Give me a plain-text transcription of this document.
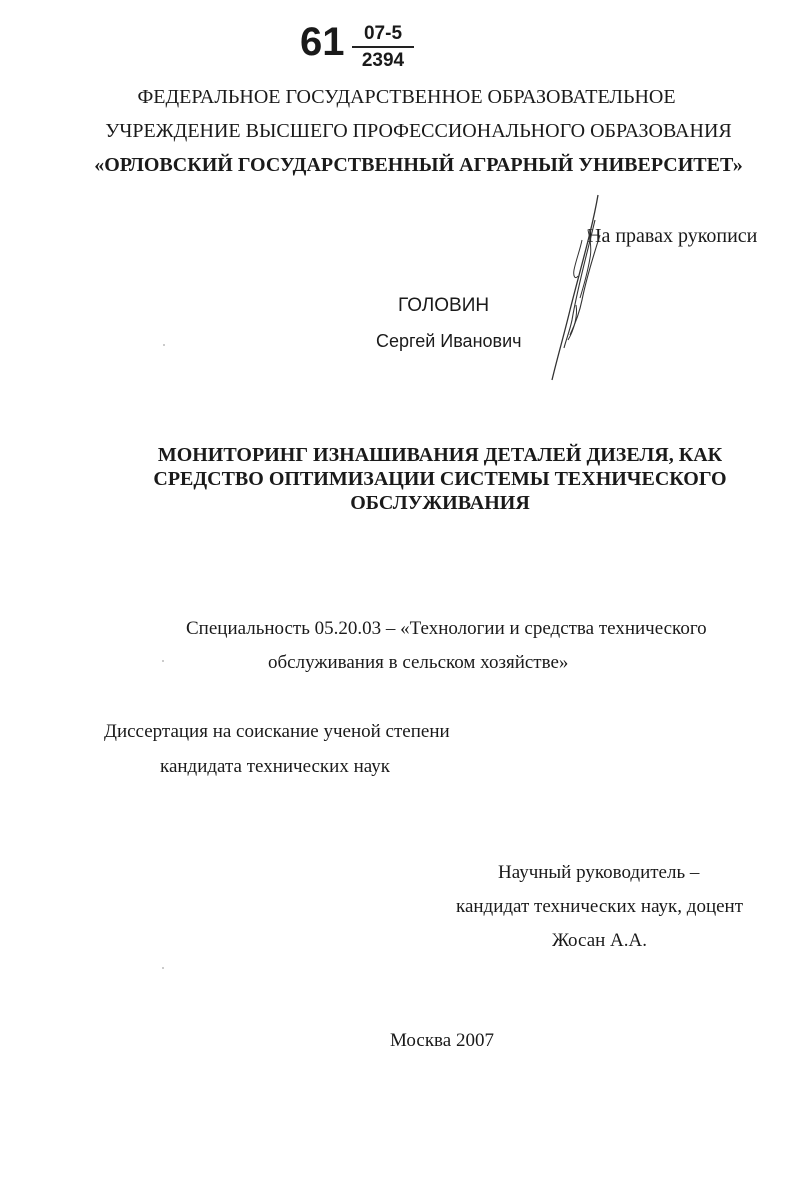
61	07-5
2394
ФЕДЕРАЛЬНОЕ ГОСУДАРСТВЕННОЕ ОБРАЗОВАТЕЛЬНОЕ
УЧРЕЖДЕНИЕ ВЫСШЕГО ПРОФЕССИОНАЛЬНОГО ОБРАЗОВАНИЯ
«ОРЛОВСКИЙ ГОСУДАРСТВЕННЫЙ АГРАРНЫЙ УНИВЕРСИТЕТ»
На правах рукописи
ГОЛОВИН
Сергей Иванович
МОНИТОРИНГ ИЗНАШИВАНИЯ ДЕТАЛЕЙ ДИЗЕЛЯ, КАК
СРЕДСТВО ОПТИМИЗАЦИИ СИСТЕМЫ ТЕХНИЧЕСКОГО
ОБСЛУЖИВАНИЯ
Специальность 05.20.03 – «Технологии и средства технического
обслуживания в сельском хозяйстве»
Диссертация на соискание ученой степени
кандидата технических наук
Научный руководитель –
кандидат технических наук, доцент
Жосан А.А.
Москва 2007
